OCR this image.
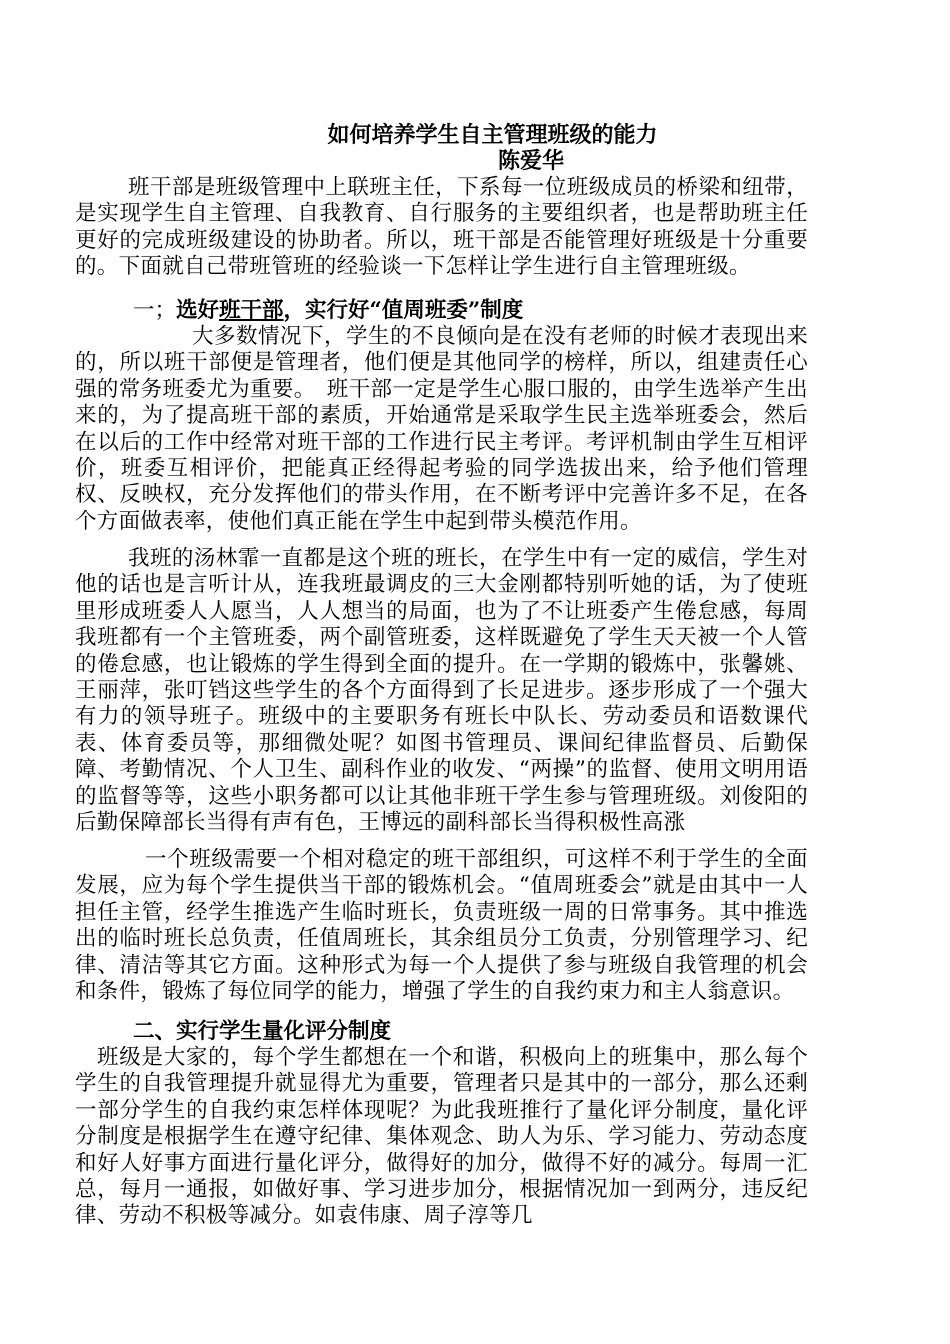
如何培养学生自主管理班级的能力
陈爱华

班干部是班级管理中上联班主任，下系每一位班级成员的桥梁和纽带，是实现学生自主管理、自我教育、自行服务的主要组织者，也是帮助班主任更好的完成班级建设的协助者。所以，班干部是否能管理好班级是十分重要的。下面就自己带班管班的经验谈一下怎样让学生进行自主管理班级。

一；选好班干部，实行好“值周班委”制度

大多数情况下，学生的不良倾向是在没有老师的时候才表现出来的，所以班干部便是管理者，他们便是其他同学的榜样，所以，组建责任心强的常务班委尤为重要。　班干部一定是学生心服口服的，由学生选举产生出来的，为了提高班干部的素质，开始通常是采取学生民主选举班委会，然后在以后的工作中经常对班干部的工作进行民主考评。考评机制由学生互相评价，班委互相评价，把能真正经得起考验的同学选拔出来，给予他们管理权、反映权，充分发挥他们的带头作用，在不断考评中完善许多不足，在各个方面做表率，使他们真正能在学生中起到带头模范作用。

我班的汤林霏一直都是这个班的班长，在学生中有一定的威信，学生对他的话也是言听计从，连我班最调皮的三大金刚都特别听她的话，为了使班里形成班委人人愿当，人人想当的局面，也为了不让班委产生倦怠感，每周我班都有一个主管班委，两个副管班委，这样既避免了学生天天被一个人管的倦怠感，也让锻炼的学生得到全面的提升。在一学期的锻炼中，张馨姚、王丽萍，张叮铛这些学生的各个方面得到了长足进步。逐步形成了一个强大有力的领导班子。班级中的主要职务有班长中队长、劳动委员和语数课代表、体育委员等，那细微处呢？如图书管理员、课间纪律监督员、后勤保障、考勤情况、个人卫生、副科作业的收发、“两操”的监督、使用文明用语的监督等等，这些小职务都可以让其他非班干学生参与管理班级。刘俊阳的后勤保障部长当得有声有色，王博远的副科部长当得积极性高涨

一个班级需要一个相对稳定的班干部组织，可这样不利于学生的全面发展，应为每个学生提供当干部的锻炼机会。“值周班委会”就是由其中一人担任主管，经学生推选产生临时班长，负责班级一周的日常事务。其中推选出的临时班长总负责，任值周班长，其余组员分工负责，分别管理学习、纪律、清洁等其它方面。这种形式为每一个人提供了参与班级自我管理的机会和条件，锻炼了每位同学的能力，增强了学生的自我约束力和主人翁意识。

二、实行学生量化评分制度

班级是大家的，每个学生都想在一个和谐，积极向上的班集中，那么每个学生的自我管理提升就显得尤为重要，管理者只是其中的一部分，那么还剩一部分学生的自我约束怎样体现呢？为此我班推行了量化评分制度，量化评分制度是根据学生在遵守纪律、集体观念、助人为乐、学习能力、劳动态度和好人好事方面进行量化评分，做得好的加分，做得不好的减分。每周一汇总，每月一通报，如做好事、学习进步加分，根据情况加一到两分，违反纪律、劳动不积极等减分。如袁伟康、周子淳等几
